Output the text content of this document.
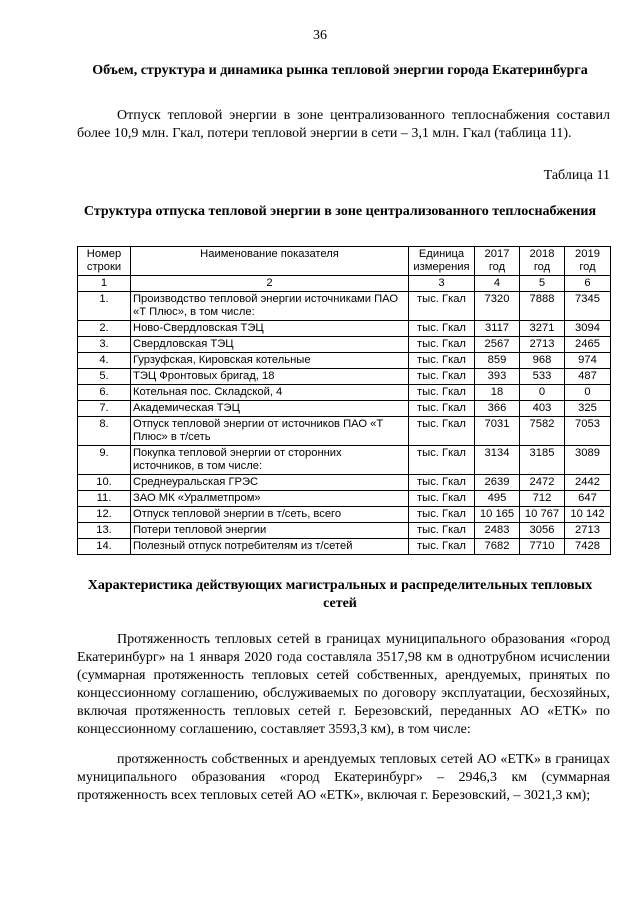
36
Объем, структура и динамика рынка тепловой энергии города Екатеринбурга
Отпуск тепловой энергии в зоне централизованного теплоснабжения составил более 10,9 млн. Гкал, потери тепловой энергии в сети – 3,1 млн. Гкал (таблица 11).
Таблица 11
Структура отпуска тепловой энергии в зоне централизованного теплоснабжения
Номер строки	Наименование показателя	Единица измерения	2017 год	2018 год	2019 год
1	2	3	4	5	6
1.	Производство тепловой энергии источниками ПАО «Т Плюс», в том числе:	тыс. Гкал	7320	7888	7345
2.	Ново-Свердловская ТЭЦ	тыс. Гкал	3117	3271	3094
3.	Свердловская ТЭЦ	тыс. Гкал	2567	2713	2465
4.	Гурзуфская, Кировская котельные	тыс. Гкал	859	968	974
5.	ТЭЦ Фронтовых бригад, 18	тыс. Гкал	393	533	487
6.	Котельная пос. Складской, 4	тыс. Гкал	18	0	0
7.	Академическая ТЭЦ	тыс. Гкал	366	403	325
8.	Отпуск тепловой энергии от источников ПАО «Т Плюс» в т/сеть	тыс. Гкал	7031	7582	7053
9.	Покупка тепловой энергии от сторонних источников, в том числе:	тыс. Гкал	3134	3185	3089
10.	Среднеуральская ГРЭС	тыс. Гкал	2639	2472	2442
11.	ЗАО МК «Уралметпром»	тыс. Гкал	495	712	647
12.	Отпуск тепловой энергии в т/сеть, всего	тыс. Гкал	10 165	10 767	10 142
13.	Потери тепловой энергии	тыс. Гкал	2483	3056	2713
14.	Полезный отпуск потребителям из т/сетей	тыс. Гкал	7682	7710	7428
Характеристика действующих магистральных и распределительных тепловых сетей
Протяженность тепловых сетей в границах муниципального образования «город Екатеринбург» на 1 января 2020 года составляла 3517,98 км в однотрубном исчислении (суммарная протяженность тепловых сетей собственных, арендуемых, принятых по концессионному соглашению, обслуживаемых по договору эксплуатации, бесхозяйных, включая протяженность тепловых сетей г. Березовский, переданных АО «ЕТК» по концессионному соглашению, составляет 3593,3 км), в том числе:
протяженность собственных и арендуемых тепловых сетей АО «ЕТК» в границах муниципального образования «город Екатеринбург» – 2946,3 км (суммарная протяженность всех тепловых сетей АО «ЕТК», включая г. Березовский, – 3021,3 км);
